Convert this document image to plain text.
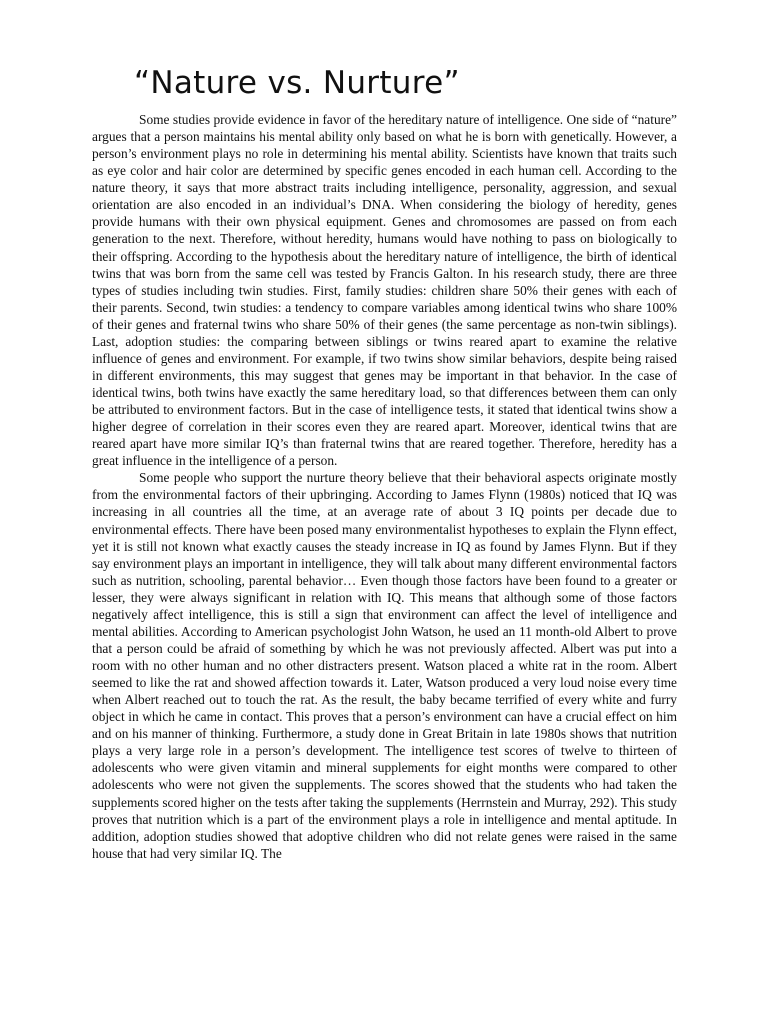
“Nature vs. Nurture”

Some studies provide evidence in favor of the hereditary nature of intelligence. One side of “nature” argues that a person maintains his mental ability only based on what he is born with genetically. However, a person’s environment plays no role in determining his mental ability. Scientists have known that traits such as eye color and hair color are determined by specific genes encoded in each human cell. According to the nature theory, it says that more abstract traits including intelligence, personality, aggression, and sexual orientation are also encoded in an individual’s DNA. When considering the biology of heredity, genes provide humans with their own physical equipment. Genes and chromosomes are passed on from each generation to the next. Therefore, without heredity, humans would have nothing to pass on biologically to their offspring. According to the hypothesis about the hereditary nature of intelligence, the birth of identical twins that was born from the same cell was tested by Francis Galton. In his research study, there are three types of studies including twin studies. First, family studies: children share 50% their genes with each of their parents. Second, twin studies: a tendency to compare variables among identical twins who share 100% of their genes and fraternal twins who share 50% of their genes (the same percentage as non-twin siblings). Last, adoption studies: the comparing between siblings or twins reared apart to examine the relative influence of genes and environment. For example, if two twins show similar behaviors, despite being raised in different environments, this may suggest that genes may be important in that behavior. In the case of identical twins, both twins have exactly the same hereditary load, so that differences between them can only be attributed to environment factors. But in the case of intelligence tests, it stated that identical twins show a higher degree of correlation in their scores even they are reared apart. Moreover, identical twins that are reared apart have more similar IQ’s than fraternal twins that are reared together. Therefore, heredity has a great influence in the intelligence of a person.

Some people who support the nurture theory believe that their behavioral aspects originate mostly from the environmental factors of their upbringing. According to James Flynn (1980s) noticed that IQ was increasing in all countries all the time, at an average rate of about 3 IQ points per decade due to environmental effects. There have been posed many environmentalist hypotheses to explain the Flynn effect, yet it is still not known what exactly causes the steady increase in IQ as found by James Flynn. But if they say environment plays an important in intelligence, they will talk about many different environmental factors such as nutrition, schooling, parental behavior… Even though those factors have been found to a greater or lesser, they were always significant in relation with IQ. This means that although some of those factors negatively affect intelligence, this is still a sign that environment can affect the level of intelligence and mental abilities. According to American psychologist John Watson, he used an 11 month-old Albert to prove that a person could be afraid of something by which he was not previously affected. Albert was put into a room with no other human and no other distracters present. Watson placed a white rat in the room. Albert seemed to like the rat and showed affection towards it. Later, Watson produced a very loud noise every time when Albert reached out to touch the rat. As the result, the baby became terrified of every white and furry object in which he came in contact. This proves that a person’s environment can have a crucial effect on him and on his manner of thinking. Furthermore, a study done in Great Britain in late 1980s shows that nutrition plays a very large role in a person’s development. The intelligence test scores of twelve to thirteen of adolescents who were given vitamin and mineral supplements for eight months were compared to other adolescents who were not given the supplements. The scores showed that the students who had taken the supplements scored higher on the tests after taking the supplements (Herrnstein and Murray, 292). This study proves that nutrition which is a part of the environment plays a role in intelligence and mental aptitude. In addition, adoption studies showed that adoptive children who did not relate genes were raised in the same house that had very similar IQ. The
